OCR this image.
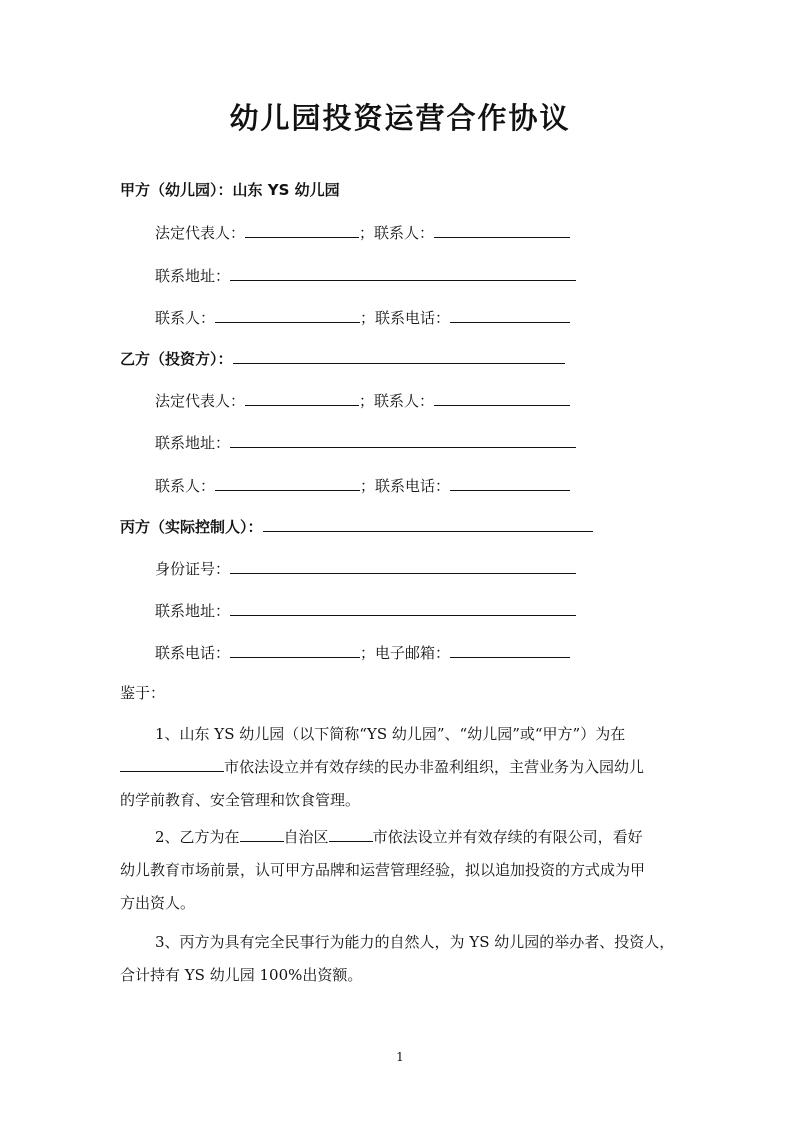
幼儿园投资运营合作协议
甲方（幼儿园）：山东 YS 幼儿园
法定代表人：	；联系人：
联系地址：
联系人：	；联系电话：
乙方（投资方）：
法定代表人：	；联系人：
联系地址：
联系人：	；联系电话：
丙方（实际控制人）：
身份证号：
联系地址：
联系电话：	；电子邮箱：
鉴于：

1、山东 YS 幼儿园（以下简称“YS 幼儿园”、“幼儿园”或“甲方”）为在

市依法设立并有效存续的民办非盈利组织，主营业务为入园幼儿

的学前教育、安全管理和饮食管理。

2、乙方为在	自治区	市依法设立并有效存续的有限公司，看好

幼儿教育市场前景，认可甲方品牌和运营管理经验，拟以追加投资的方式成为甲

方出资人。

3、丙方为具有完全民事行为能力的自然人，为 YS 幼儿园的举办者、投资人，

合计持有 YS 幼儿园 100%出资额。

1
